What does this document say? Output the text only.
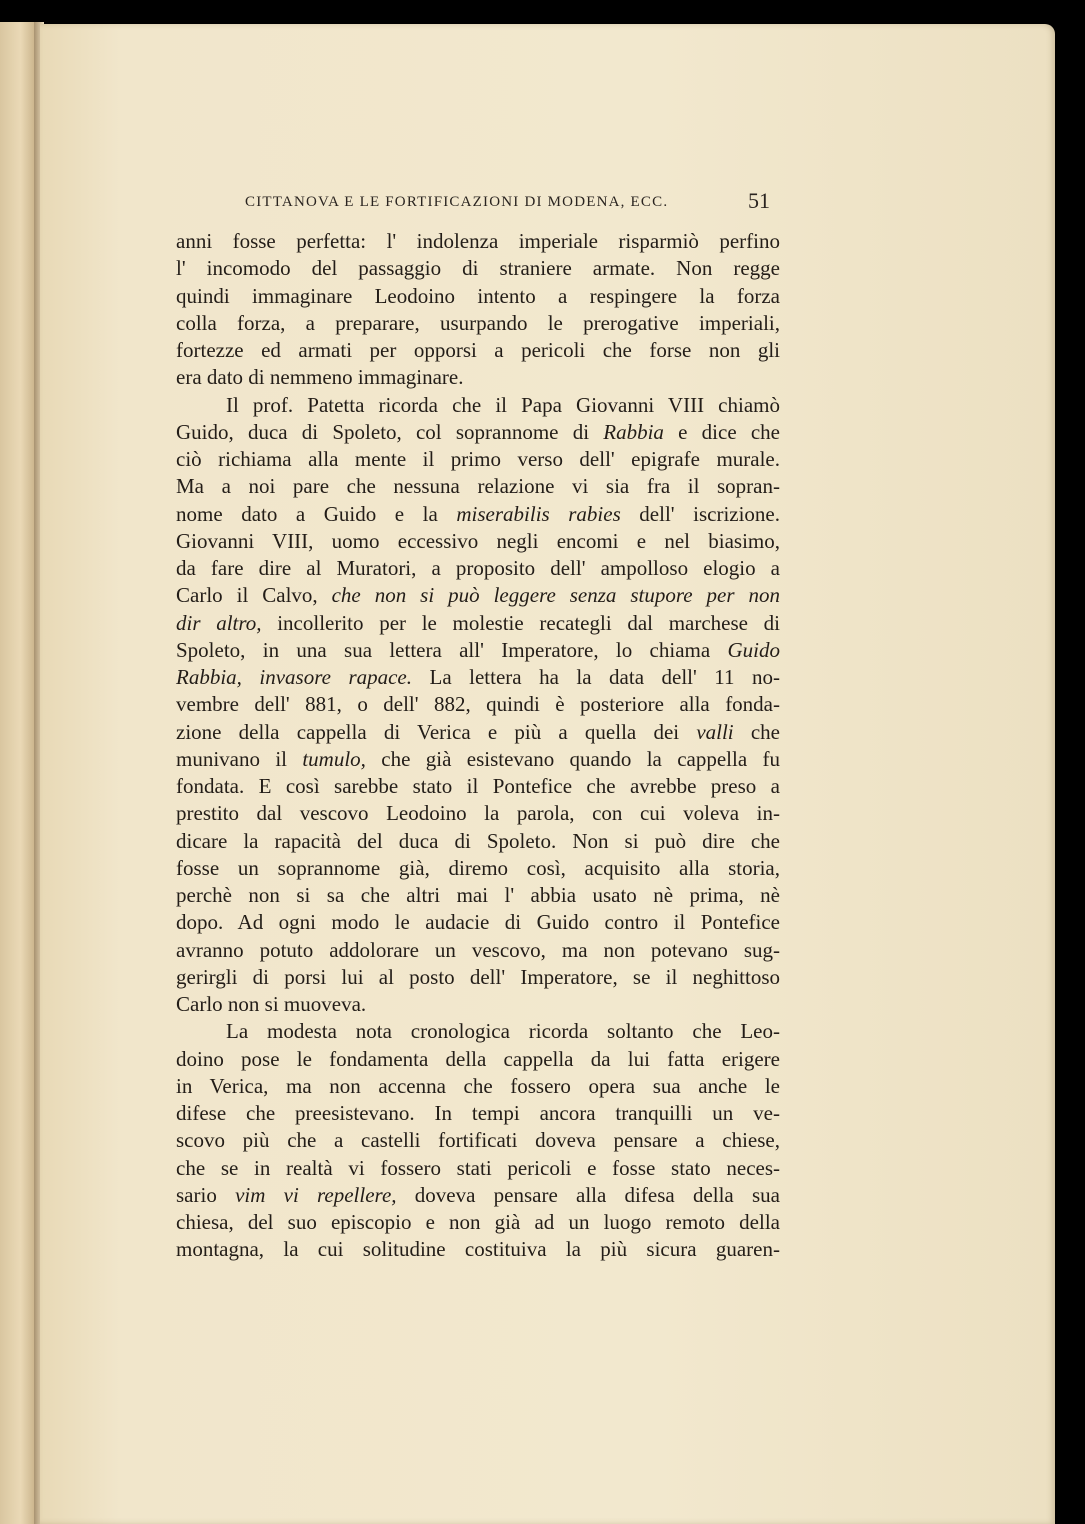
CITTANOVA E LE FORTIFICAZIONI DI MODENA, ECC.	51
anni fosse perfetta: l' indolenza imperiale risparmiò perfino
l' incomodo del passaggio di straniere armate. Non regge
quindi immaginare Leodoino intento a respingere la forza
colla forza, a preparare, usurpando le prerogative imperiali,
fortezze ed armati per opporsi a pericoli che forse non gli
era dato di nemmeno immaginare.
Il prof. Patetta ricorda che il Papa Giovanni VIII chiamò
Guido, duca di Spoleto, col soprannome di Rabbia e dice che
ciò richiama alla mente il primo verso dell' epigrafe murale.
Ma a noi pare che nessuna relazione vi sia fra il sopran-
nome dato a Guido e la miserabilis rabies dell' iscrizione.
Giovanni VIII, uomo eccessivo negli encomi e nel biasimo,
da fare dire al Muratori, a proposito dell' ampolloso elogio a
Carlo il Calvo, che non si può leggere senza stupore per non
dir altro, incollerito per le molestie recategli dal marchese di
Spoleto, in una sua lettera all' Imperatore, lo chiama Guido
Rabbia, invasore rapace. La lettera ha la data dell' 11 no-
vembre dell' 881, o dell' 882, quindi è posteriore alla fonda-
zione della cappella di Verica e più a quella dei valli che
munivano il tumulo, che già esistevano quando la cappella fu
fondata. E così sarebbe stato il Pontefice che avrebbe preso a
prestito dal vescovo Leodoino la parola, con cui voleva in-
dicare la rapacità del duca di Spoleto. Non si può dire che
fosse un soprannome già, diremo così, acquisito alla storia,
perchè non si sa che altri mai l' abbia usato nè prima, nè
dopo. Ad ogni modo le audacie di Guido contro il Pontefice
avranno potuto addolorare un vescovo, ma non potevano sug-
gerirgli di porsi lui al posto dell' Imperatore, se il neghittoso
Carlo non si muoveva.
La modesta nota cronologica ricorda soltanto che Leo-
doino pose le fondamenta della cappella da lui fatta erigere
in Verica, ma non accenna che fossero opera sua anche le
difese che preesistevano. In tempi ancora tranquilli un ve-
scovo più che a castelli fortificati doveva pensare a chiese,
che se in realtà vi fossero stati pericoli e fosse stato neces-
sario vim vi repellere, doveva pensare alla difesa della sua
chiesa, del suo episcopio e non già ad un luogo remoto della
montagna, la cui solitudine costituiva la più sicura guaren-
